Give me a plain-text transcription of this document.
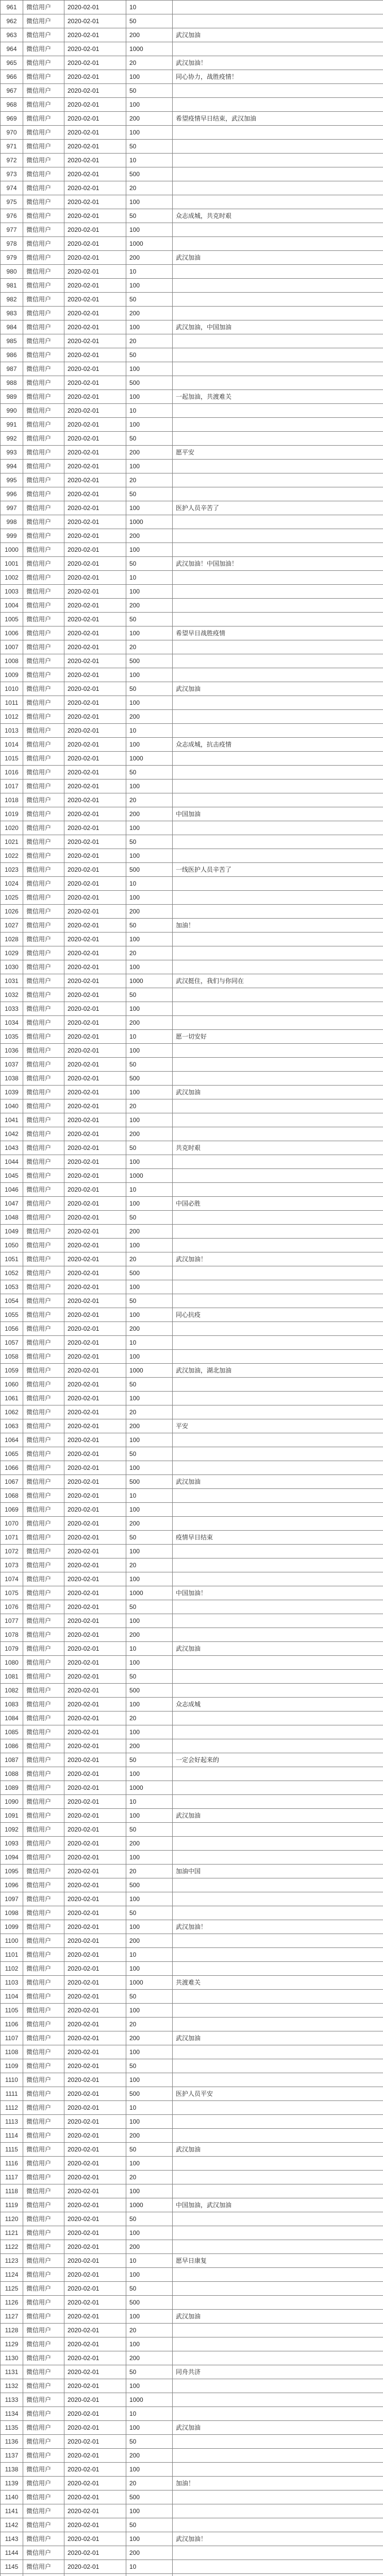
961	微信用户	2020-02-01	10	
962	微信用户	2020-02-01	50	
963	微信用户	2020-02-01	200	武汉加油
964	微信用户	2020-02-01	1000	
965	微信用户	2020-02-01	20	武汉加油！
966	微信用户	2020-02-01	100	同心协力，战胜疫情！
967	微信用户	2020-02-01	50	
968	微信用户	2020-02-01	100	
969	微信用户	2020-02-01	200	希望疫情早日结束，武汉加油
970	微信用户	2020-02-01	100	
971	微信用户	2020-02-01	50	
972	微信用户	2020-02-01	10	
973	微信用户	2020-02-01	500	
974	微信用户	2020-02-01	20	
975	微信用户	2020-02-01	100	
976	微信用户	2020-02-01	50	众志成城，共克时艰
977	微信用户	2020-02-01	100	
978	微信用户	2020-02-01	1000	
979	微信用户	2020-02-01	200	武汉加油
980	微信用户	2020-02-01	10	
981	微信用户	2020-02-01	100	
982	微信用户	2020-02-01	50	
983	微信用户	2020-02-01	200	
984	微信用户	2020-02-01	100	武汉加油，中国加油
985	微信用户	2020-02-01	20	
986	微信用户	2020-02-01	50	
987	微信用户	2020-02-01	100	
988	微信用户	2020-02-01	500	
989	微信用户	2020-02-01	100	一起加油，共渡难关
990	微信用户	2020-02-01	10	
991	微信用户	2020-02-01	100	
992	微信用户	2020-02-01	50	
993	微信用户	2020-02-01	200	愿平安
994	微信用户	2020-02-01	100	
995	微信用户	2020-02-01	20	
996	微信用户	2020-02-01	50	
997	微信用户	2020-02-01	100	医护人员辛苦了
998	微信用户	2020-02-01	1000	
999	微信用户	2020-02-01	200	
1000	微信用户	2020-02-01	100	
1001	微信用户	2020-02-01	50	武汉加油！中国加油！
1002	微信用户	2020-02-01	10	
1003	微信用户	2020-02-01	100	
1004	微信用户	2020-02-01	200	
1005	微信用户	2020-02-01	50	
1006	微信用户	2020-02-01	100	希望早日战胜疫情
1007	微信用户	2020-02-01	20	
1008	微信用户	2020-02-01	500	
1009	微信用户	2020-02-01	100	
1010	微信用户	2020-02-01	50	武汉加油
1011	微信用户	2020-02-01	100	
1012	微信用户	2020-02-01	200	
1013	微信用户	2020-02-01	10	
1014	微信用户	2020-02-01	100	众志成城，抗击疫情
1015	微信用户	2020-02-01	1000	
1016	微信用户	2020-02-01	50	
1017	微信用户	2020-02-01	100	
1018	微信用户	2020-02-01	20	
1019	微信用户	2020-02-01	200	中国加油
1020	微信用户	2020-02-01	100	
1021	微信用户	2020-02-01	50	
1022	微信用户	2020-02-01	100	
1023	微信用户	2020-02-01	500	一线医护人员辛苦了
1024	微信用户	2020-02-01	10	
1025	微信用户	2020-02-01	100	
1026	微信用户	2020-02-01	200	
1027	微信用户	2020-02-01	50	加油！
1028	微信用户	2020-02-01	100	
1029	微信用户	2020-02-01	20	
1030	微信用户	2020-02-01	100	
1031	微信用户	2020-02-01	1000	武汉挺住，我们与你同在
1032	微信用户	2020-02-01	50	
1033	微信用户	2020-02-01	100	
1034	微信用户	2020-02-01	200	
1035	微信用户	2020-02-01	10	愿一切安好
1036	微信用户	2020-02-01	100	
1037	微信用户	2020-02-01	50	
1038	微信用户	2020-02-01	500	
1039	微信用户	2020-02-01	100	武汉加油
1040	微信用户	2020-02-01	20	
1041	微信用户	2020-02-01	100	
1042	微信用户	2020-02-01	200	
1043	微信用户	2020-02-01	50	共克时艰
1044	微信用户	2020-02-01	100	
1045	微信用户	2020-02-01	1000	
1046	微信用户	2020-02-01	10	
1047	微信用户	2020-02-01	100	中国必胜
1048	微信用户	2020-02-01	50	
1049	微信用户	2020-02-01	200	
1050	微信用户	2020-02-01	100	
1051	微信用户	2020-02-01	20	武汉加油！
1052	微信用户	2020-02-01	500	
1053	微信用户	2020-02-01	100	
1054	微信用户	2020-02-01	50	
1055	微信用户	2020-02-01	100	同心抗疫
1056	微信用户	2020-02-01	200	
1057	微信用户	2020-02-01	10	
1058	微信用户	2020-02-01	100	
1059	微信用户	2020-02-01	1000	武汉加油，湖北加油
1060	微信用户	2020-02-01	50	
1061	微信用户	2020-02-01	100	
1062	微信用户	2020-02-01	20	
1063	微信用户	2020-02-01	200	平安
1064	微信用户	2020-02-01	100	
1065	微信用户	2020-02-01	50	
1066	微信用户	2020-02-01	100	
1067	微信用户	2020-02-01	500	武汉加油
1068	微信用户	2020-02-01	10	
1069	微信用户	2020-02-01	100	
1070	微信用户	2020-02-01	200	
1071	微信用户	2020-02-01	50	疫情早日结束
1072	微信用户	2020-02-01	100	
1073	微信用户	2020-02-01	20	
1074	微信用户	2020-02-01	100	
1075	微信用户	2020-02-01	1000	中国加油！
1076	微信用户	2020-02-01	50	
1077	微信用户	2020-02-01	100	
1078	微信用户	2020-02-01	200	
1079	微信用户	2020-02-01	10	武汉加油
1080	微信用户	2020-02-01	100	
1081	微信用户	2020-02-01	50	
1082	微信用户	2020-02-01	500	
1083	微信用户	2020-02-01	100	众志成城
1084	微信用户	2020-02-01	20	
1085	微信用户	2020-02-01	100	
1086	微信用户	2020-02-01	200	
1087	微信用户	2020-02-01	50	一定会好起来的
1088	微信用户	2020-02-01	100	
1089	微信用户	2020-02-01	1000	
1090	微信用户	2020-02-01	10	
1091	微信用户	2020-02-01	100	武汉加油
1092	微信用户	2020-02-01	50	
1093	微信用户	2020-02-01	200	
1094	微信用户	2020-02-01	100	
1095	微信用户	2020-02-01	20	加油中国
1096	微信用户	2020-02-01	500	
1097	微信用户	2020-02-01	100	
1098	微信用户	2020-02-01	50	
1099	微信用户	2020-02-01	100	武汉加油！
1100	微信用户	2020-02-01	200	
1101	微信用户	2020-02-01	10	
1102	微信用户	2020-02-01	100	
1103	微信用户	2020-02-01	1000	共渡难关
1104	微信用户	2020-02-01	50	
1105	微信用户	2020-02-01	100	
1106	微信用户	2020-02-01	20	
1107	微信用户	2020-02-01	200	武汉加油
1108	微信用户	2020-02-01	100	
1109	微信用户	2020-02-01	50	
1110	微信用户	2020-02-01	100	
1111	微信用户	2020-02-01	500	医护人员平安
1112	微信用户	2020-02-01	10	
1113	微信用户	2020-02-01	100	
1114	微信用户	2020-02-01	200	
1115	微信用户	2020-02-01	50	武汉加油
1116	微信用户	2020-02-01	100	
1117	微信用户	2020-02-01	20	
1118	微信用户	2020-02-01	100	
1119	微信用户	2020-02-01	1000	中国加油，武汉加油
1120	微信用户	2020-02-01	50	
1121	微信用户	2020-02-01	100	
1122	微信用户	2020-02-01	200	
1123	微信用户	2020-02-01	10	愿早日康复
1124	微信用户	2020-02-01	100	
1125	微信用户	2020-02-01	50	
1126	微信用户	2020-02-01	500	
1127	微信用户	2020-02-01	100	武汉加油
1128	微信用户	2020-02-01	20	
1129	微信用户	2020-02-01	100	
1130	微信用户	2020-02-01	200	
1131	微信用户	2020-02-01	50	同舟共济
1132	微信用户	2020-02-01	100	
1133	微信用户	2020-02-01	1000	
1134	微信用户	2020-02-01	10	
1135	微信用户	2020-02-01	100	武汉加油
1136	微信用户	2020-02-01	50	
1137	微信用户	2020-02-01	200	
1138	微信用户	2020-02-01	100	
1139	微信用户	2020-02-01	20	加油！
1140	微信用户	2020-02-01	500	
1141	微信用户	2020-02-01	100	
1142	微信用户	2020-02-01	50	
1143	微信用户	2020-02-01	100	武汉加油！
1144	微信用户	2020-02-01	200	
1145	微信用户	2020-02-01	10	
